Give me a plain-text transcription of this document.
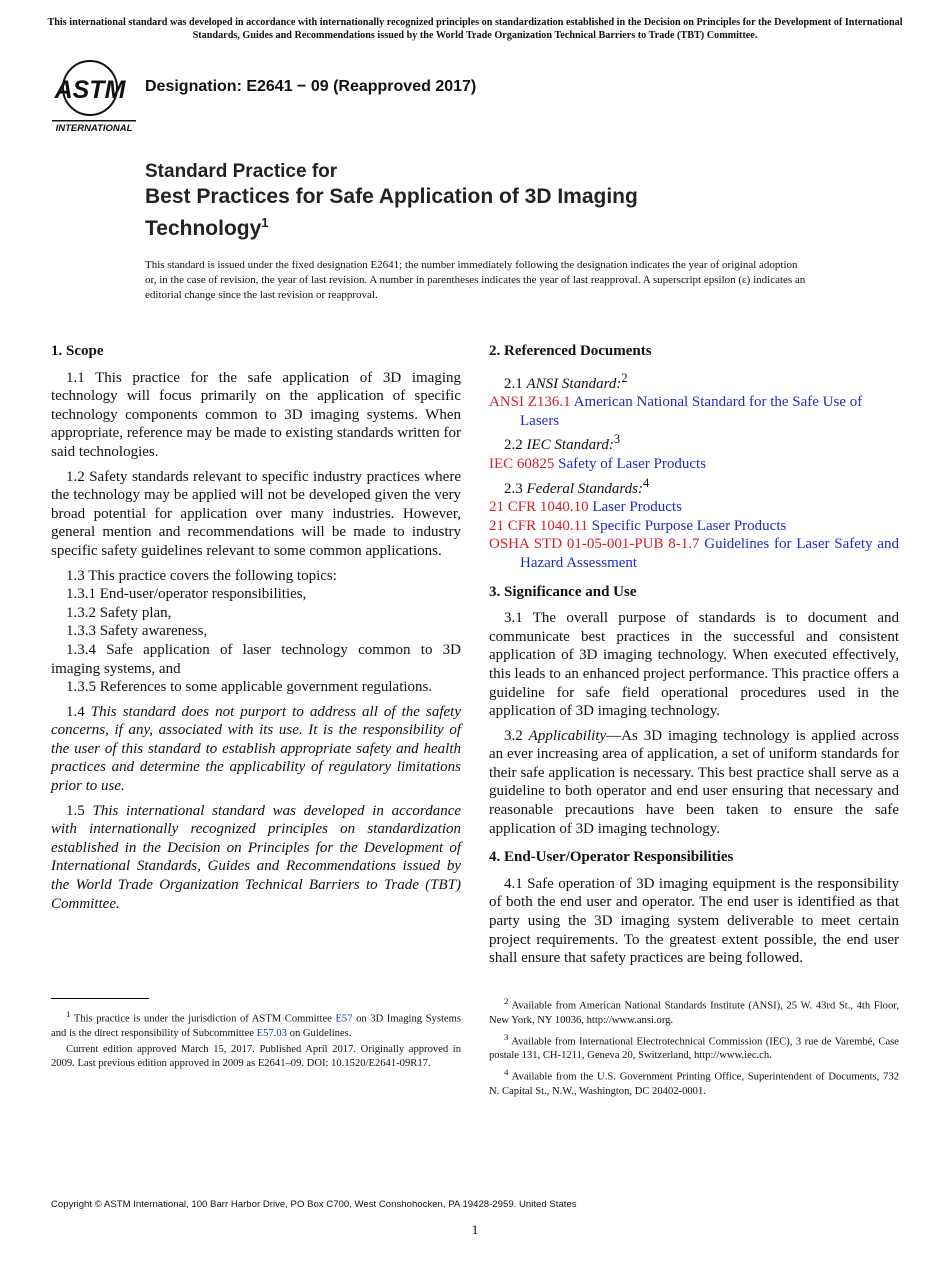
This international standard was developed in accordance with internationally recognized principles on standardization established in the Decision on Principles for the Development of International Standards, Guides and Recommendations issued by the World Trade Organization Technical Barriers to Trade (TBT) Committee.
ASTM
INTERNATIONAL
Designation: E2641 − 09 (Reapproved 2017)
Standard Practice for
Best Practices for Safe Application of 3D Imaging Technology$^1$
This standard is issued under the fixed designation E2641; the number immediately following the designation indicates the year of original adoption or, in the case of revision, the year of last revision. A number in parentheses indicates the year of last reapproval. A superscript epsilon (ε) indicates an editorial change since the last revision or reapproval.
1. Scope

1.1 This practice for the safe application of 3D imaging technology will focus primarily on the application of specific technology components common to 3D imaging systems. When appropriate, reference may be made to existing standards written for said technologies.

1.2 Safety standards relevant to specific industry practices where the technology may be applied will not be developed given the very broad potential for application over many industries. However, general mention and recommendations will be made to industry specific safety guidelines relevant to some common applications.

1.3 This practice covers the following topics:
1.3.1 End-user/operator responsibilities,
1.3.2 Safety plan,
1.3.3 Safety awareness,

1.3.4 Safe application of laser technology common to 3D imaging systems, and

1.3.5 References to some applicable government regulations.

1.4 This standard does not purport to address all of the safety concerns, if any, associated with its use. It is the responsibility of the user of this standard to establish appropriate safety and health practices and determine the applicability of regulatory limitations prior to use.

1.5 This international standard was developed in accordance with internationally recognized principles on standardization established in the Decision on Principles for the Development of International Standards, Guides and Recommendations issued by the World Trade Organization Technical Barriers to Trade (TBT) Committee.

2. Referenced Documents
2.1 ANSI Standard:$^2$
ANSI Z136.1 American National Standard for the Safe Use of Lasers
2.2 IEC Standard:$^3$
IEC 60825 Safety of Laser Products
2.3 Federal Standards:$^4$
21 CFR 1040.10 Laser Products
21 CFR 1040.11 Specific Purpose Laser Products
OSHA STD 01-05-001-PUB 8-1.7 Guidelines for Laser Safety and Hazard Assessment
3. Significance and Use

3.1 The overall purpose of standards is to document and communicate best practices in the successful and consistent application of 3D imaging technology. When executed effectively, this leads to an enhanced project performance. This practice offers a guideline for safe field operational procedures used in the application of 3D imaging technology.

3.2 Applicability—As 3D imaging technology is applied across an ever increasing area of application, a set of uniform standards for their safe application is necessary. This best practice shall serve as a guideline to both operator and end user ensuring that necessary and reasonable precautions have been taken to ensure the safe application of 3D imaging technology.

4. End-User/Operator Responsibilities

4.1 Safe operation of 3D imaging equipment is the responsibility of both the end user and operator. The end user is identified as that party using the 3D imaging system deliverable to meet certain project requirements. To the greatest extent possible, the end user shall ensure that safety practices are being followed.

$^1$ This practice is under the jurisdiction of ASTM Committee E57 on 3D Imaging Systems and is the direct responsibility of Subcommittee E57.03 on Guidelines.

Current edition approved March 15, 2017. Published April 2017. Originally approved in 2009. Last previous edition approved in 2009 as E2641–09. DOI: 10.1520/E2641-09R17.

$^2$ Available from American National Standards Institute (ANSI), 25 W. 43rd St., 4th Floor, New York, NY 10036, http://www.ansi.org.

$^3$ Available from International Electrotechnical Commission (IEC), 3 rue de Varembé, Case postale 131, CH-1211, Geneva 20, Switzerland, http://www.iec.ch.

$^4$ Available from the U.S. Government Printing Office, Superintendent of Documents, 732 N. Capital St., N.W., Washington, DC 20402-0001.

Copyright © ASTM International, 100 Barr Harbor Drive, PO Box C700, West Conshohocken, PA 19428-2959. United States
1
